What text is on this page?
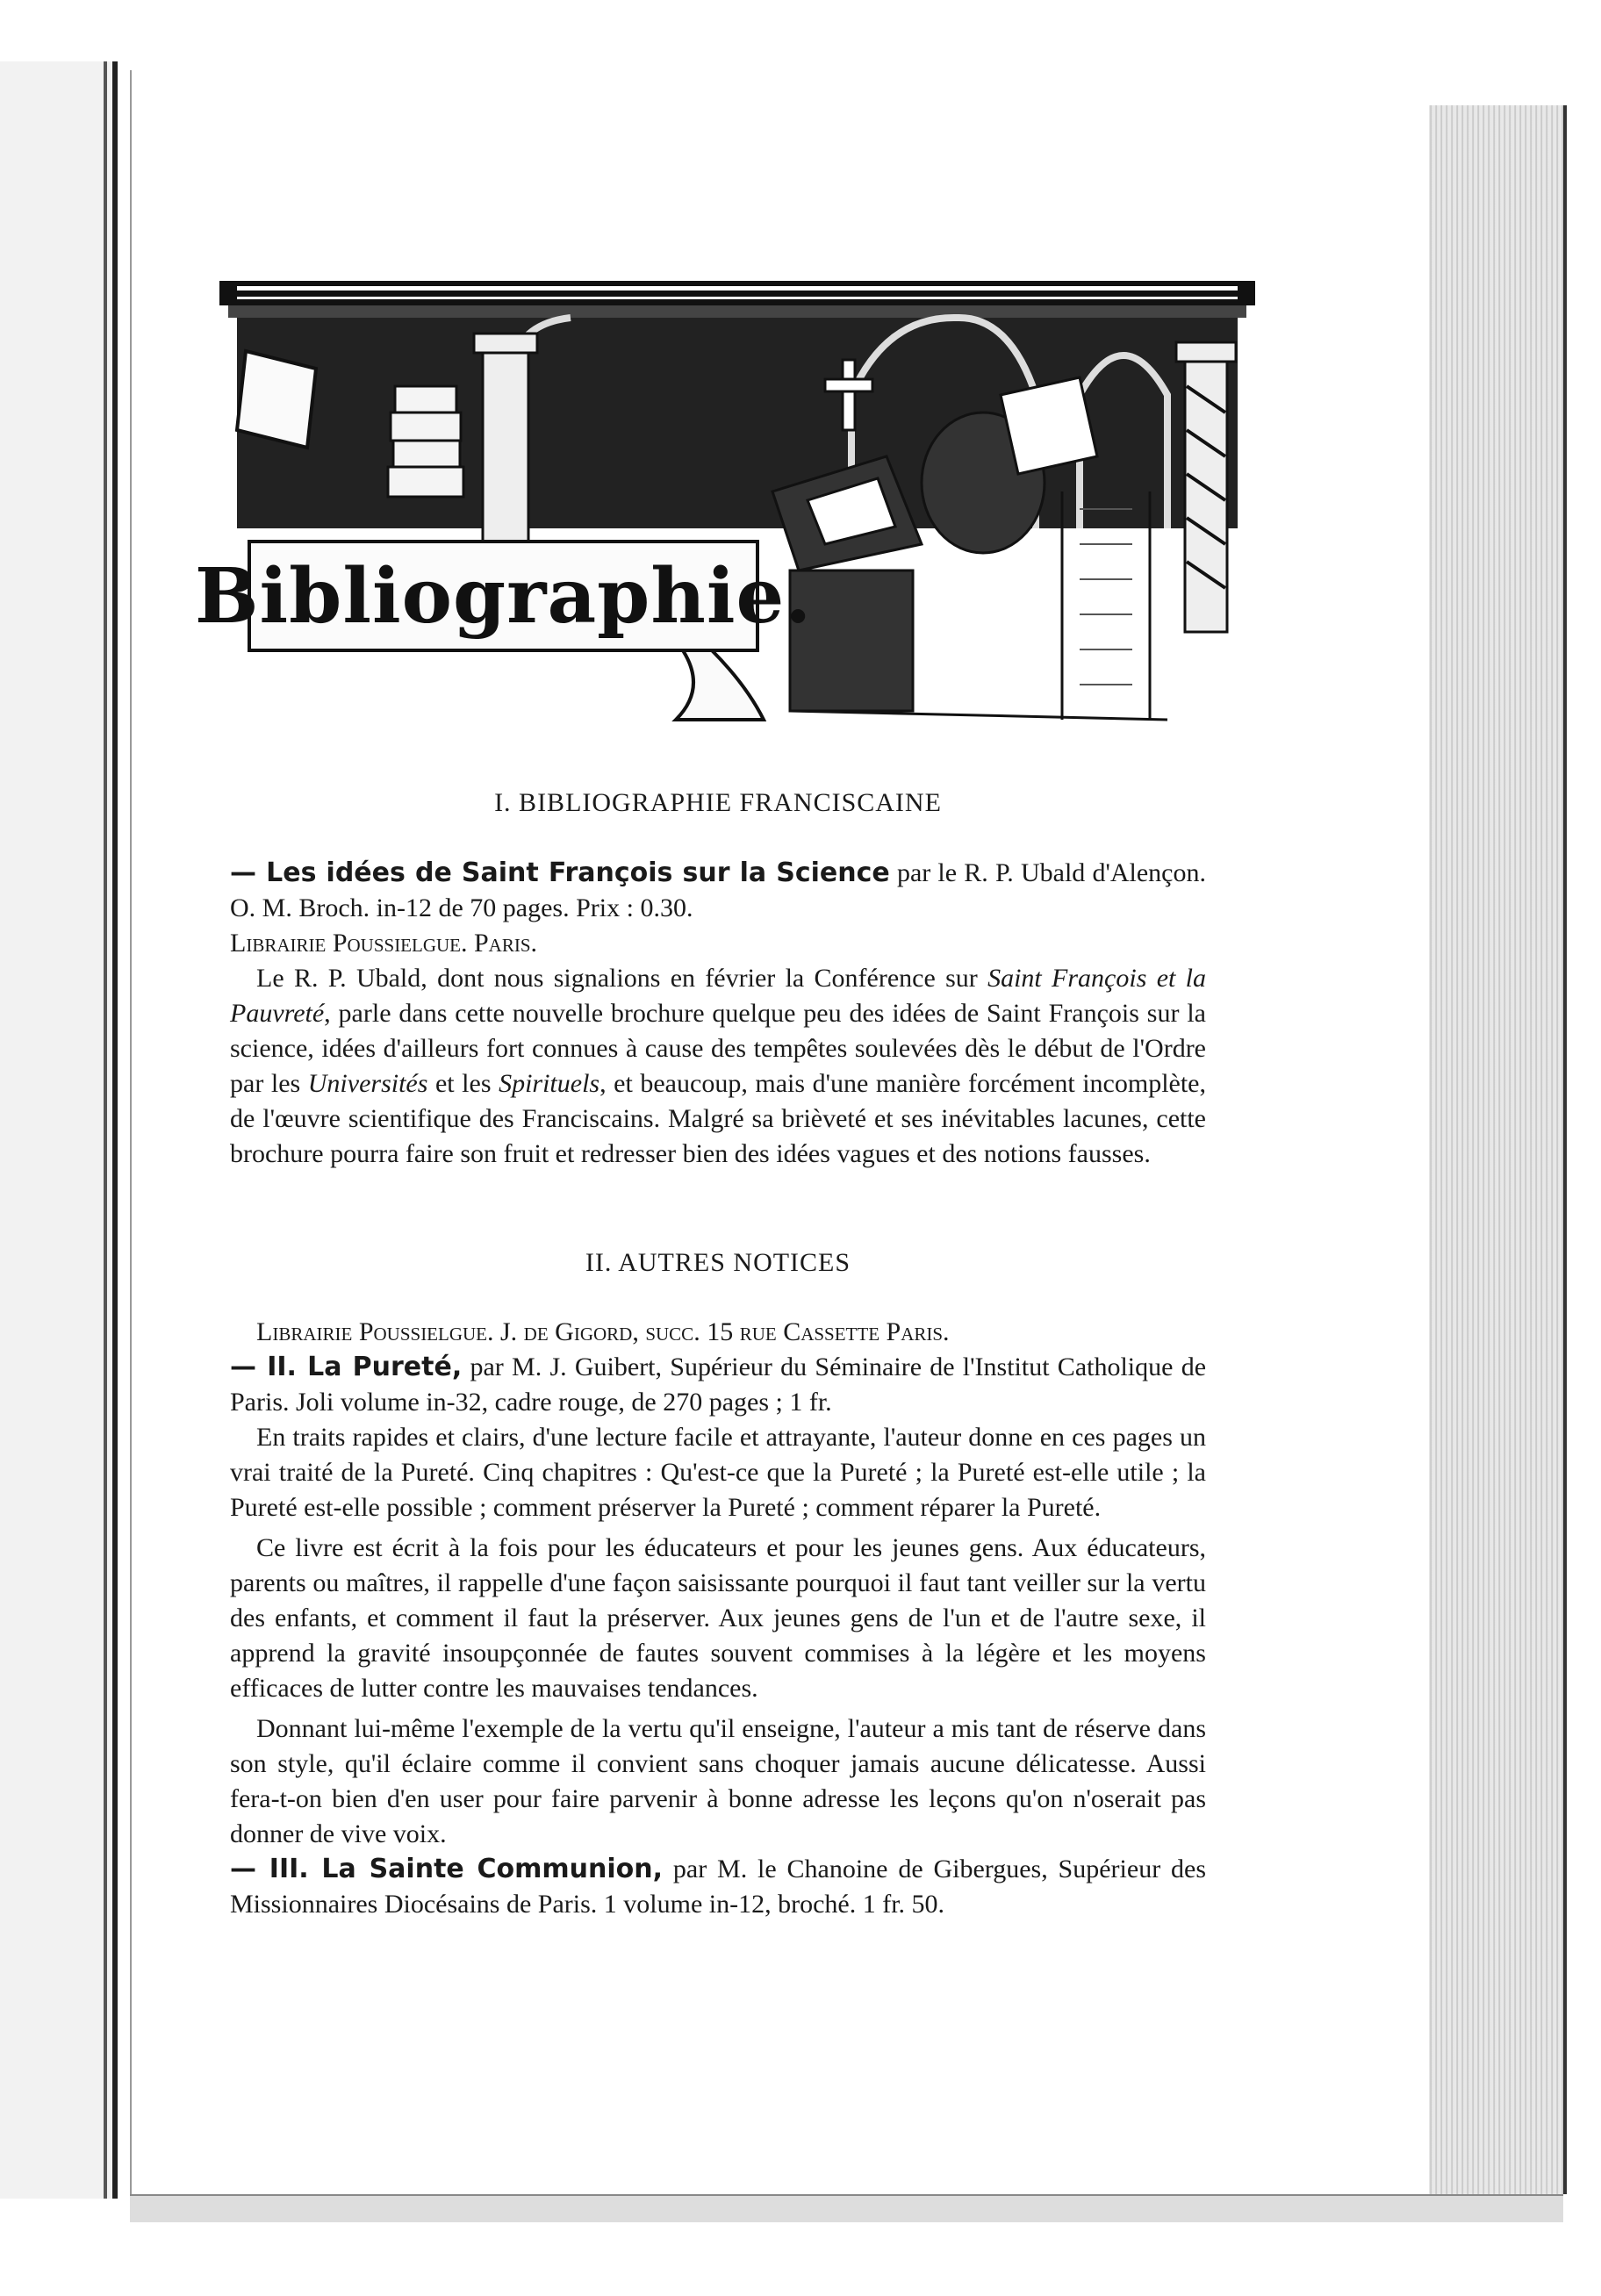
Bibliographie.
I. BIBLIOGRAPHIE FRANCISCAINE

— Les idées de Saint François sur la Science par le R. P. Ubald d'Alençon. O. M. Broch. in-12 de 70 pages. Prix : 0.30.

Librairie Poussielgue. Paris.

Le R. P. Ubald, dont nous signalions en février la Conférence sur Saint François et la Pauvreté, parle dans cette nouvelle brochure quelque peu des idées de Saint François sur la science, idées d'ailleurs fort connues à cause des tempêtes soulevées dès le début de l'Ordre par les Universités et les Spirituels, et beaucoup, mais d'une manière forcément incomplète, de l'œuvre scientifique des Franciscains. Malgré sa brièveté et ses inévitables lacunes, cette brochure pourra faire son fruit et redresser bien des idées vagues et des notions fausses.

II. AUTRES NOTICES

Librairie Poussielgue. J. de Gigord, succ. 15 rue Cassette Paris.

— II. La Pureté, par M. J. Guibert, Supérieur du Séminaire de l'Institut Catholique de Paris. Joli volume in-32, cadre rouge, de 270 pages ; 1 fr.

En traits rapides et clairs, d'une lecture facile et attrayante, l'auteur donne en ces pages un vrai traité de la Pureté. Cinq chapitres : Qu'est-ce que la Pureté ; la Pureté est-elle utile ; la Pureté est-elle possible ; comment préserver la Pureté ; comment réparer la Pureté.

Ce livre est écrit à la fois pour les éducateurs et pour les jeunes gens. Aux éducateurs, parents ou maîtres, il rappelle d'une façon saisissante pourquoi il faut tant veiller sur la vertu des enfants, et comment il faut la préserver. Aux jeunes gens de l'un et de l'autre sexe, il apprend la gravité insoupçonnée de fautes souvent commises à la légère et les moyens efficaces de lutter contre les mauvaises tendances.

Donnant lui-même l'exemple de la vertu qu'il enseigne, l'auteur a mis tant de réserve dans son style, qu'il éclaire comme il convient sans choquer jamais aucune délicatesse. Aussi fera-t-on bien d'en user pour faire parvenir à bonne adresse les leçons qu'on n'oserait pas donner de vive voix.

— III. La Sainte Communion, par M. le Chanoine de Gibergues, Supérieur des Missionnaires Diocésains de Paris. 1 volume in-12, broché. 1 fr. 50.
